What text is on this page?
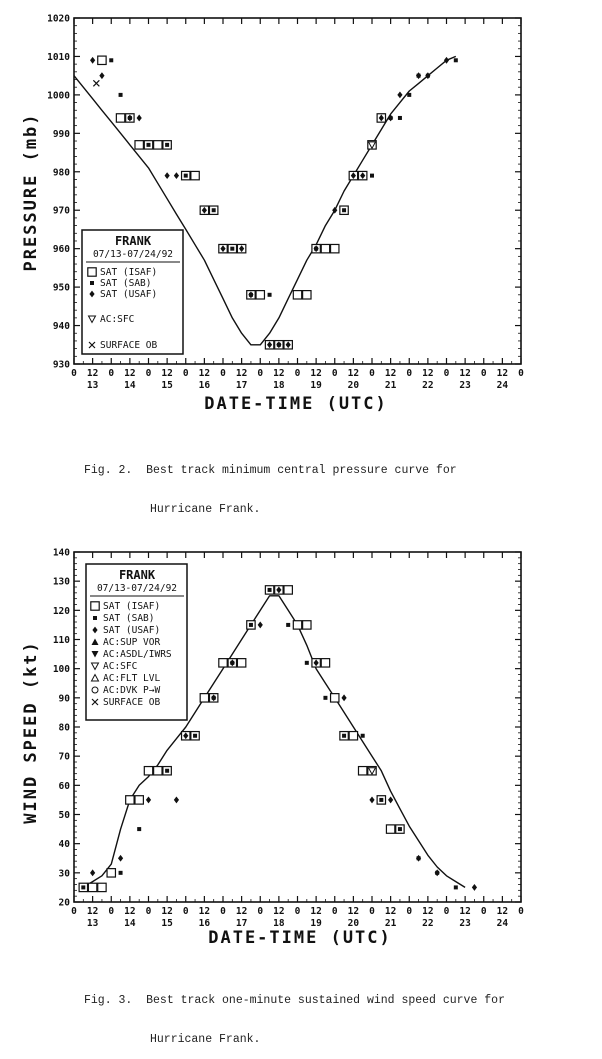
930
940
950
960
970
980
990
1000
1010
1020
0 12 0 12 0 12 0 12 0 12 0 12 0 12 0 12 0 12 0 12 0 12 0 12 0
13	14	15	16	17	18	19	20	21	22	23	24
PRESSURE (mb)
DATE-TIME (UTC)
FRANK
07/13-07/24/92
SAT (ISAF)
SAT (SAB)
SAT (USAF)
AC:SFC
SURFACE OB

Fig. 2.  Best track minimum central pressure curve for

Hurricane Frank.

20
30
40
50
60
70
80
90
100
110
120
130
140
0 12 0 12 0 12 0 12 0 12 0 12 0 12 0 12 0 12 0 12 0 12 0 12 0
13	14	15	16	17	18	19	20	21	22	23	24
WIND SPEED (kt)
DATE-TIME (UTC)
FRANK
07/13-07/24/92
SAT (ISAF)
SAT (SAB)
SAT (USAF)
AC:SUP VOR
AC:ASDL/IWRS
AC:SFC
AC:FLT LVL
AC:DVK P→W
SURFACE OB

Fig. 3.  Best track one-minute sustained wind speed curve for

Hurricane Frank.
